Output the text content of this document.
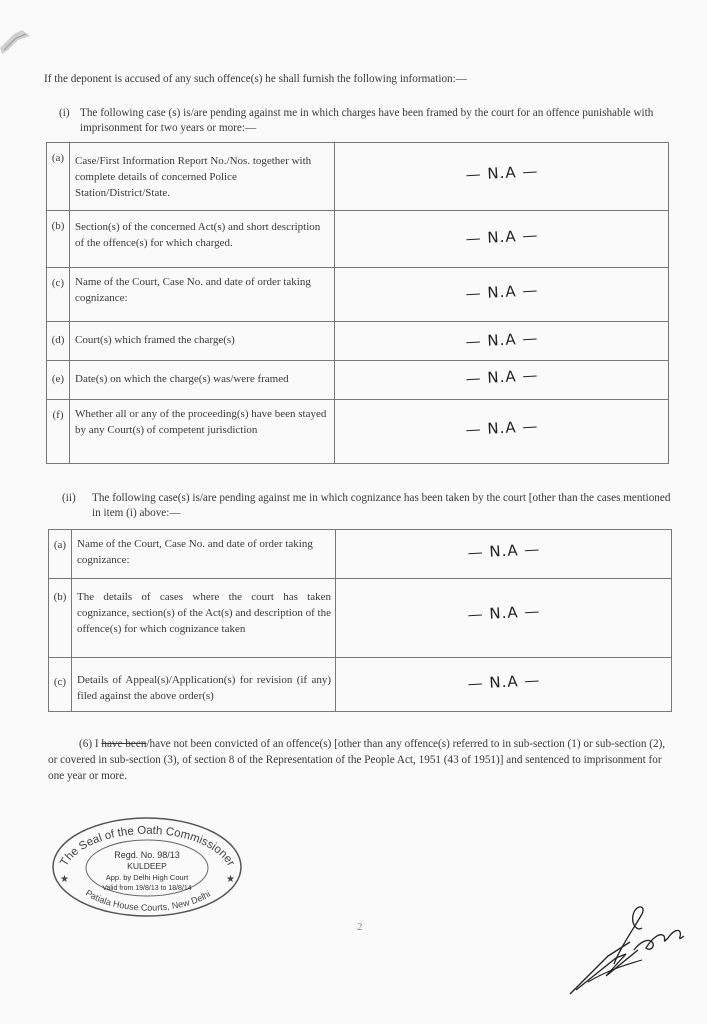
If the deponent is accused of any such offence(s) he shall furnish the following information:—
(i) The following case (s) is/are pending against me in which charges have been framed by the court for an offence punishable with imprisonment for two years or more:—
(a)	Case/First Information Report No./Nos. together with complete details of concerned Police Station/District/State.	— N.A —

(b)	Section(s) of the concerned Act(s) and short description of the offence(s) for which charged.	— N.A —

(c)	Name of the Court, Case No. and date of order taking cognizance:	— N.A —

(d)	Court(s) which framed the charge(s)	— N.A —

(e)	Date(s) on which the charge(s) was/were framed	— N.A —

(f)	Whether all or any of the proceeding(s) have been stayed by any Court(s) of competent jurisdiction	— N.A —
(ii) The following case(s) is/are pending against me in which cognizance has been taken by the court [other than the cases mentioned in item (i) above:—
(a)	Name of the Court, Case No. and date of order taking cognizance:	— N.A —

(b)	The details of cases where the court has taken cognizance, section(s) of the Act(s) and description of the offence(s) for which cognizance taken	— N.A —

(c)	Details of Appeal(s)/Application(s) for revision (if any) filed against the above order(s)	— N.A —
(6) I have been/have not been convicted of an offence(s) [other than any offence(s) referred to in sub-section (1) or sub-section (2), or covered in sub-section (3), of section 8 of the Representation of the People Act, 1951 (43 of 1951)] and sentenced to imprisonment for one year or more.
The Seal of the Oath Commissioner
Patiala House Courts, New Delhi
★	★
Regd. No. 98/13
KULDEEP
App. by Delhi High Court
Valid from 19/8/13 to 18/8/14
2
